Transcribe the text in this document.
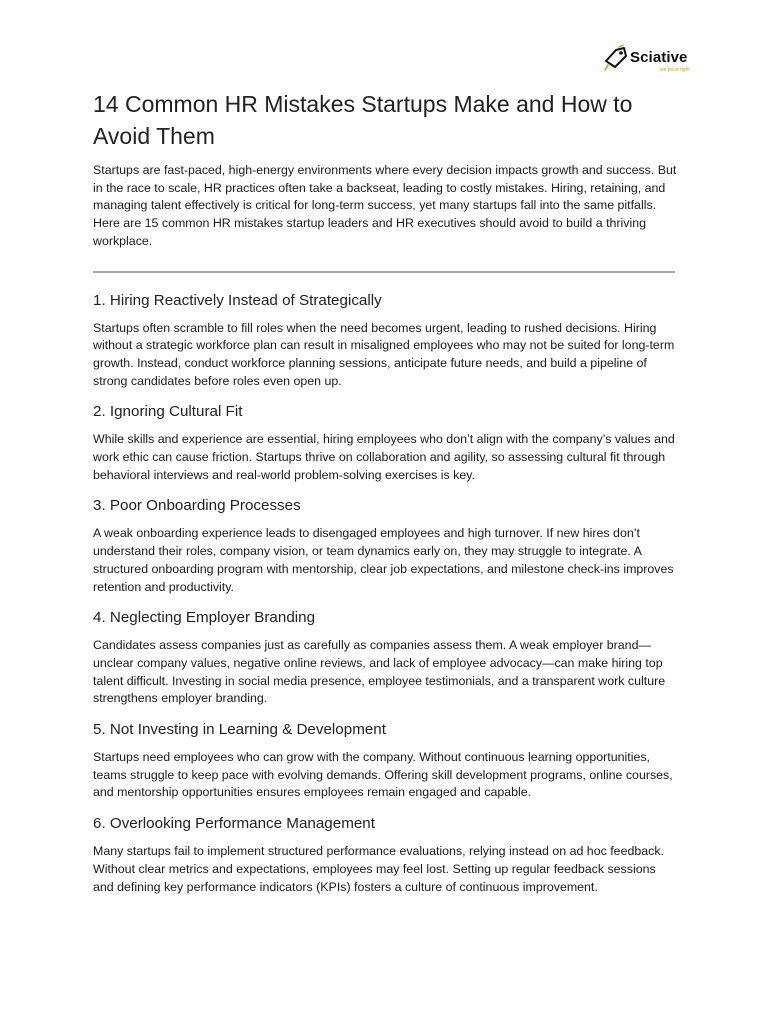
Sciative
we price right
14 Common HR Mistakes Startups Make and How to Avoid Them

Startups are fast-paced, high-energy environments where every decision impacts growth and success. But in the race to scale, HR practices often take a backseat, leading to costly mistakes. Hiring, retaining, and managing talent effectively is critical for long-term success, yet many startups fall into the same pitfalls. Here are 15 common HR mistakes startup leaders and HR executives should avoid to build a thriving workplace.

1. Hiring Reactively Instead of Strategically

Startups often scramble to fill roles when the need becomes urgent, leading to rushed decisions. Hiring without a strategic workforce plan can result in misaligned employees who may not be suited for long-term growth. Instead, conduct workforce planning sessions, anticipate future needs, and build a pipeline of strong candidates before roles even open up.

2. Ignoring Cultural Fit

While skills and experience are essential, hiring employees who don’t align with the company’s values and work ethic can cause friction. Startups thrive on collaboration and agility, so assessing cultural fit through behavioral interviews and real-world problem-solving exercises is key.

3. Poor Onboarding Processes

A weak onboarding experience leads to disengaged employees and high turnover. If new hires don’t understand their roles, company vision, or team dynamics early on, they may struggle to integrate. A structured onboarding program with mentorship, clear job expectations, and milestone check-ins improves retention and productivity.

4. Neglecting Employer Branding

Candidates assess companies just as carefully as companies assess them. A weak employer brand—unclear company values, negative online reviews, and lack of employee advocacy—can make hiring top talent difficult. Investing in social media presence, employee testimonials, and a transparent work culture strengthens employer branding.

5. Not Investing in Learning & Development

Startups need employees who can grow with the company. Without continuous learning opportunities, teams struggle to keep pace with evolving demands. Offering skill development programs, online courses, and mentorship opportunities ensures employees remain engaged and capable.

6. Overlooking Performance Management

Many startups fail to implement structured performance evaluations, relying instead on ad hoc feedback. Without clear metrics and expectations, employees may feel lost. Setting up regular feedback sessions and defining key performance indicators (KPIs) fosters a culture of continuous improvement.
